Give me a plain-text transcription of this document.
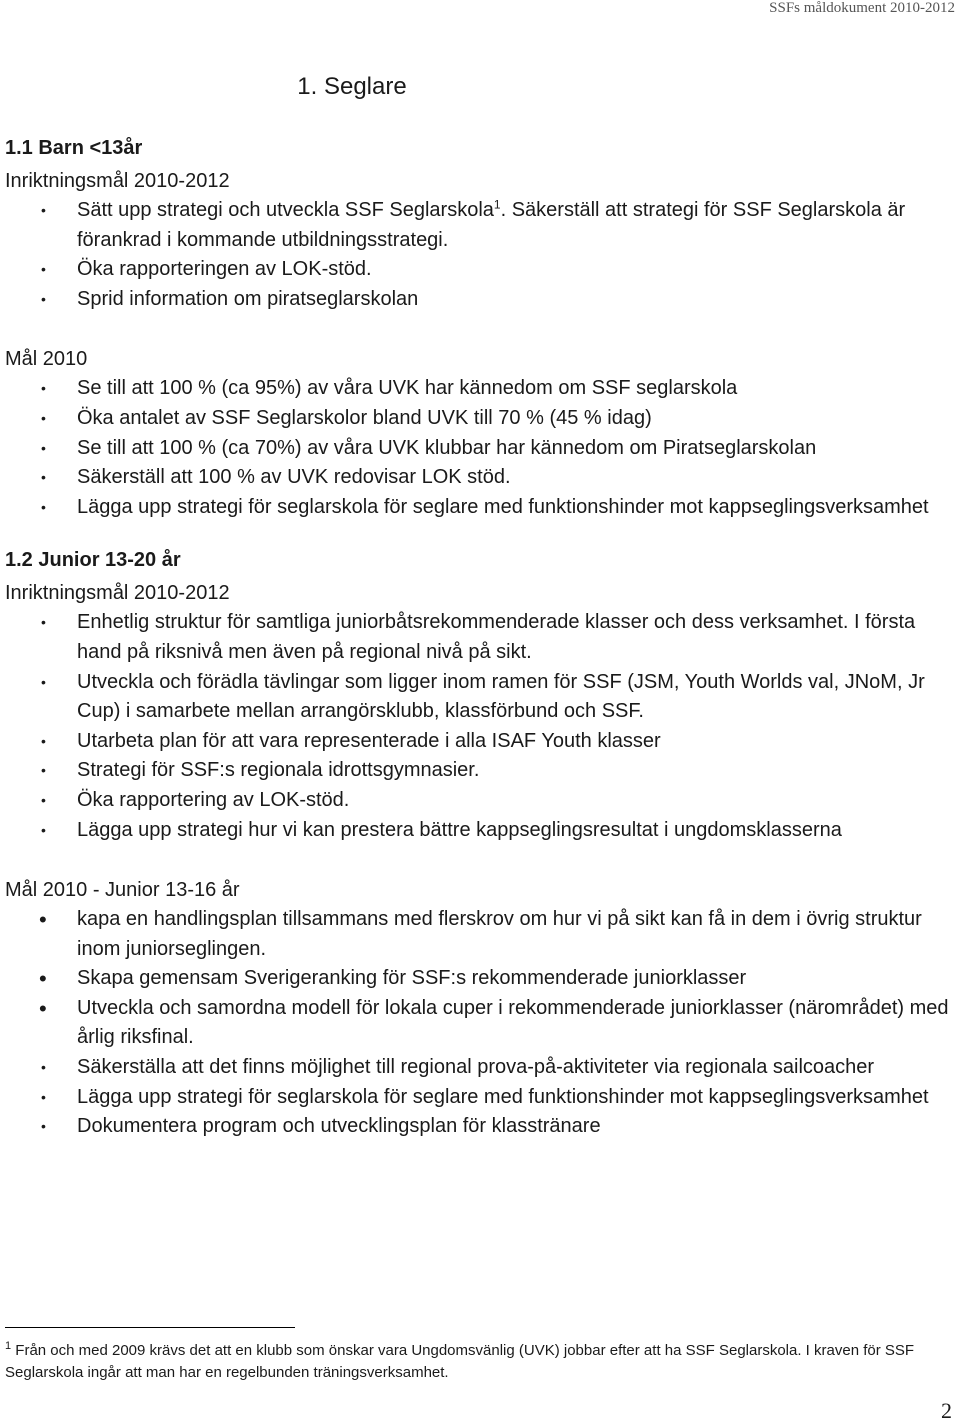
SSFs måldokument 2010-2012
1. Seglare

1.1 Barn <13år

Inriktningsmål 2010-2012

• Sätt upp strategi och utveckla SSF Seglarskola$^1$. Säkerställ att strategi för SSF Seglarskola är förankrad i kommande utbildningsstrategi.
• Öka rapporteringen av LOK-stöd.
• Sprid information om piratseglarskolan

Mål 2010

• Se till att 100 % (ca 95%) av våra UVK har kännedom om SSF seglarskola
• Öka antalet av SSF Seglarskolor bland UVK till 70 % (45 % idag)
• Se till att 100 % (ca 70%) av våra UVK klubbar har kännedom om Piratseglarskolan
• Säkerställ att 100 % av UVK redovisar LOK stöd.
• Lägga upp strategi för seglarskola för seglare med funktionshinder mot kappseglingsverksamhet

1.2 Junior 13-20 år

Inriktningsmål 2010-2012

• Enhetlig struktur för samtliga juniorbåtsrekommenderade klasser och dess verksamhet. I första hand på riksnivå men även på regional nivå på sikt.
• Utveckla och förädla tävlingar som ligger inom ramen för SSF (JSM, Youth Worlds val, JNoM, Jr Cup) i samarbete mellan arrangörsklubb, klassförbund och SSF.
• Utarbeta plan för att vara representerade i alla ISAF Youth klasser
• Strategi för SSF:s regionala idrottsgymnasier.
• Öka rapportering av LOK-stöd.
• Lägga upp strategi hur vi kan prestera bättre kappseglingsresultat i ungdomsklasserna

Mål 2010 - Junior 13-16 år

• kapa en handlingsplan tillsammans med flerskrov om hur vi på sikt kan få in dem i övrig struktur inom juniorseglingen.
• Skapa gemensam Sverigeranking för SSF:s rekommenderade juniorklasser
• Utveckla och samordna modell för lokala cuper i rekommenderade juniorklasser (närområdet) med årlig riksfinal.
• Säkerställa att det finns möjlighet till regional prova-på-aktiviteter via regionala sailcoacher
• Lägga upp strategi för seglarskola för seglare med funktionshinder mot kappseglingsverksamhet
• Dokumentera program och utvecklingsplan för klasstränare
$^1$ Från och med 2009 krävs det att en klubb som önskar vara Ungdomsvänlig (UVK) jobbar efter att ha SSF Seglarskola. I kraven för SSF Seglarskola ingår att man har en regelbunden träningsverksamhet.
2
